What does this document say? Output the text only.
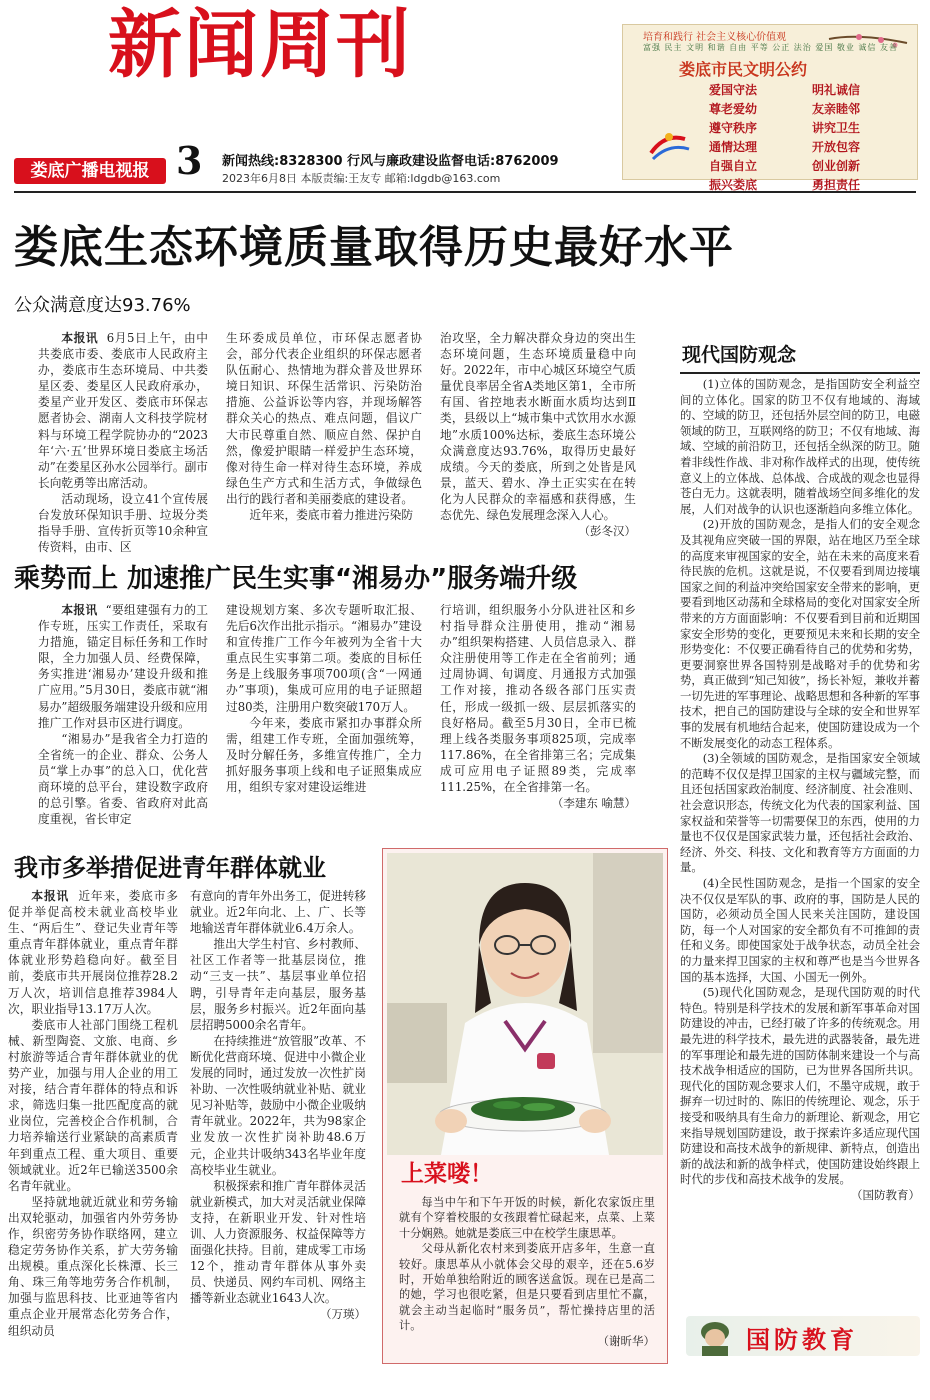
新闻周刊
娄底广播电视报 3 新闻热线:8328300 行风与廉政建设监督电话:8762009
2023年6月8日 本版责编:王友专 邮箱:ldgdb@163.com
培育和践行 社会主义核心价值观
富强 民主 文明 和谐 自由 平等 公正 法治 爱国 敬业 诚信 友善
娄底市民文明公约
爱国守法	明礼诚信
尊老爱幼	友亲睦邻
遵守秩序	讲究卫生
通情达理	开放包容
自强自立	创业创新
振兴娄底	勇担责任
娄底生态环境质量取得历史最好水平
公众满意度达93.76%

本报讯 6月5日上午，由中共娄底市委、娄底市人民政府主办，娄底市生态环境局、中共娄星区委、娄星区人民政府承办，娄星产业开发区、娄底市环保志愿者协会、湖南人文科技学院材料与环境工程学院协办的“2023年‘六·五’世界环境日娄底主场活动”在娄星区孙水公园举行。副市长向乾勇等出席活动。

活动现场，设立41个宣传展台发放环保知识手册、垃圾分类指导手册、宣传折页等10余种宣传资料，由市、区

生环委成员单位，市环保志愿者协会，部分代表企业组织的环保志愿者队伍耐心、热情地为群众普及世界环境日知识、环保生活常识、污染防治措施、公益诉讼等内容，并现场解答群众关心的热点、难点问题，倡议广大市民尊重自然、顺应自然、保护自然，像爱护眼睛一样爱护生态环境，像对待生命一样对待生态环境，养成绿色生产方式和生活方式，争做绿色出行的践行者和美丽娄底的建设者。

近年来，娄底市着力推进污染防

治攻坚，全力解决群众身边的突出生态环境问题，生态环境质量稳中向好。2022年，市中心城区环境空气质量优良率居全省A类地区第1，全市所有国、省控地表水断面水质均达到Ⅱ类，县级以上“城市集中式饮用水水源地”水质100%达标，娄底生态环境公众满意度达93.76%，取得历史最好成绩。今天的娄底，所到之处皆是风景，蓝天、碧水、净土正实实在在转化为人民群众的幸福感和获得感，生态优先、绿色发展理念深入人心。

（彭冬汉）
乘势而上 加速推广民生实事“湘易办”服务端升级

本报讯 “要组建强有力的工作专班，压实工作责任，采取有力措施，锚定目标任务和工作时限，全力加强人员、经费保障，务实推进‘湘易办’建设升级和推广应用。”5月30日，娄底市就“湘易办”超级服务端建设升级和应用推广工作对县市区进行调度。

“湘易办”是我省全力打造的全省统一的企业、群众、公务人员“掌上办事”的总入口，优化营商环境的总平台，建设数字政府的总引擎。省委、省政府对此高度重视，省长审定

建设规划方案、多次专题听取汇报、先后6次作出批示指示。“湘易办”建设和宣传推广工作今年被列为全省十大重点民生实事第二项。娄底的目标任务是上线服务事项700项(含“一网通办”事项)，集成可应用的电子证照超过80类，注册用户数突破170万人。

今年来，娄底市紧扣办事群众所需，组建工作专班，全面加强统筹，及时分解任务，多维宣传推广，全力抓好服务事项上线和电子证照集成应用，组织专家对建设运维进

行培训，组织服务小分队进社区和乡村指导群众注册使用，推动“湘易办”组织架构搭建、人员信息录入、群众注册使用等工作走在全省前列；通过周协调、旬调度、月通报方式加强工作对接，推动各级各部门压实责任，形成一级抓一级、层层抓落实的良好格局。截至5月30日，全市已梳理上线各类服务事项825项，完成率117.86%，在全省排第三名；完成集成可应用电子证照89类，完成率111.25%，在全省排第一名。

（李建东 喻慧）
我市多举措促进青年群体就业

本报讯 近年来，娄底市多促并举促高校未就业高校毕业生、“两后生”、登记失业青年等重点青年群体就业，重点青年群体就业形势趋稳向好。截至目前，娄底市共开展岗位推荐28.2万人次，培训信息推荐3984人次，职业指导13.17万人次。

娄底市人社部门围绕工程机械、新型陶瓷、文旅、电商、乡村旅游等适合青年群体就业的优势产业，加强与用人企业的用工对接，结合青年群体的特点和诉求，筛选归集一批匹配度高的就业岗位，完善校企合作机制，合力培养输送行业紧缺的高素质青年到重点工程、重大项目、重要领域就业。近2年已输送3500余名青年就业。

坚持就地就近就业和劳务输出双轮驱动，加强省内外劳务协作，织密劳务协作联络网，建立稳定劳务协作关系，扩大劳务输出规模。重点深化长株潭、长三角、珠三角等地劳务合作机制，加强与监思科技、比亚迪等省内重点企业开展常态化劳务合作，组织动员

有意向的青年外出务工，促进转移就业。近2年向北、上、广、长等地输送青年群体就业6.4万余人。

推出大学生村官、乡村教师、社区工作者等一批基层岗位，推动“三支一扶”、基层事业单位招聘，引导青年走向基层，服务基层，服务乡村振兴。近2年面向基层招聘5000余名青年。

在持续推进“放管服”改革、不断优化营商环境、促进中小微企业发展的同时，通过发放一次性扩岗补助、一次性吸纳就业补贴、就业见习补贴等，鼓励中小微企业吸纳青年就业。2022年，共为98家企业发放一次性扩岗补助48.6万元，企业共计吸纳343名毕业年度高校毕业生就业。

积极探索和推广青年群体灵活就业新模式，加大对灵活就业保障支持，在新职业开发、针对性培训、人力资源服务、权益保障等方面强化扶持。目前，建成零工市场12个，推动青年群体从事外卖员、快递员、网约车司机、网络主播等新业态就业1643人次。

（万瑛）
上菜喽！

每当中午和下午开饭的时候，新化农家饭庄里就有个穿着校服的女孩跟着忙碌起来，点菜、上菜十分娴熟。她就是娄底三中在校学生康思革。

父母从新化农村来到娄底开店多年，生意一直较好。康思革从小就体会父母的艰辛，还在5.6岁时，开始单独给附近的顾客送盒饭。现在已是高二的她，学习也很吃紧，但是只要看到店里忙不赢，就会主动当起临时“服务员”，帮忙操持店里的活计。

（谢昕华）
现代国防观念

(1)立体的国防观念，是指国防安全利益空间的立体化。国家的防卫不仅有地域的、海域的、空域的防卫，还包括外层空间的防卫，电磁领域的防卫，互联网络的防卫；不仅有地域、海域、空域的前沿防卫，还包括全纵深的防卫。随着非线性作战、非对称作战样式的出现，使传统意义上的立体战、总体战、合成战的观念也显得苍白无力。这就表明，随着战场空间多维化的发展，人们对战争的认识也逐渐趋向多维立体化。

(2)开放的国防观念，是指人们的安全观念及其视角应突破一国的界限，站在地区乃至全球的高度来审视国家的安全，站在未来的高度来看待民族的危机。这就是说，不仅要看到周边接壤国家之间的利益冲突给国家安全带来的影响，更要看到地区动荡和全球格局的变化对国家安全所带来的方方面面影响：不仅要看到目前和近期国家安全形势的变化，更要预见未来和长期的安全形势变化：不仅要正确看待自己的优势和劣势，更要洞察世界各国特别是战略对手的优势和劣势，真正做到“知己知彼”，扬长补短，兼收并蓄一切先进的军事理论、战略思想和各种新的军事技术，把自己的国防建设与全球的安全和世界军事的发展有机地结合起来，使国防建设成为一个不断发展变化的动态工程体系。

(3)全领域的国防观念，是指国家安全领域的范畴不仅仅是捍卫国家的主权与疆域完整，而且还包括国家政治制度、经济制度、社会准则、社会意识形态，传统文化为代表的国家利益、国家权益和荣誉等一切需要保卫的东西，使用的力量也不仅仅是国家武装力量，还包括社会政治、经济、外交、科技、文化和教育等方方面面的力量。

(4)全民性国防观念，是指一个国家的安全决不仅仅是军队的事、政府的事，国防是人民的国防，必须动员全国人民来关注国防，建设国防，每一个人对国家的安全都负有不可推卸的责任和义务。即使国家处于战争状态，动员全社会的力量来捍卫国家的主权和尊严也是当今世界各国的基本选择，大国、小国无一例外。

(5)现代化国防观念，是现代国防观的时代特色。特别是科学技术的发展和新军事革命对国防建设的冲击，已经打破了许多的传统观念。用最先进的科学技术，最先进的武器装备，最先进的军事理论和最先进的国防体制来建设一个与高技术战争相适应的国防，已为世界各国所共识。现代化的国防观念要求人们，不墨守成规，敢于摒弃一切过时的、陈旧的传统理论、观念，乐于接受和吸纳具有生命力的新理论、新观念，用它来指导规划国防建设，敢于探索许多适应现代国防建设和高技术战争的新规律、新特点，创造出新的战法和新的战争样式，使国防建设始终跟上时代的步伐和高技术战争的发展。

（国防教育）
国防教育
